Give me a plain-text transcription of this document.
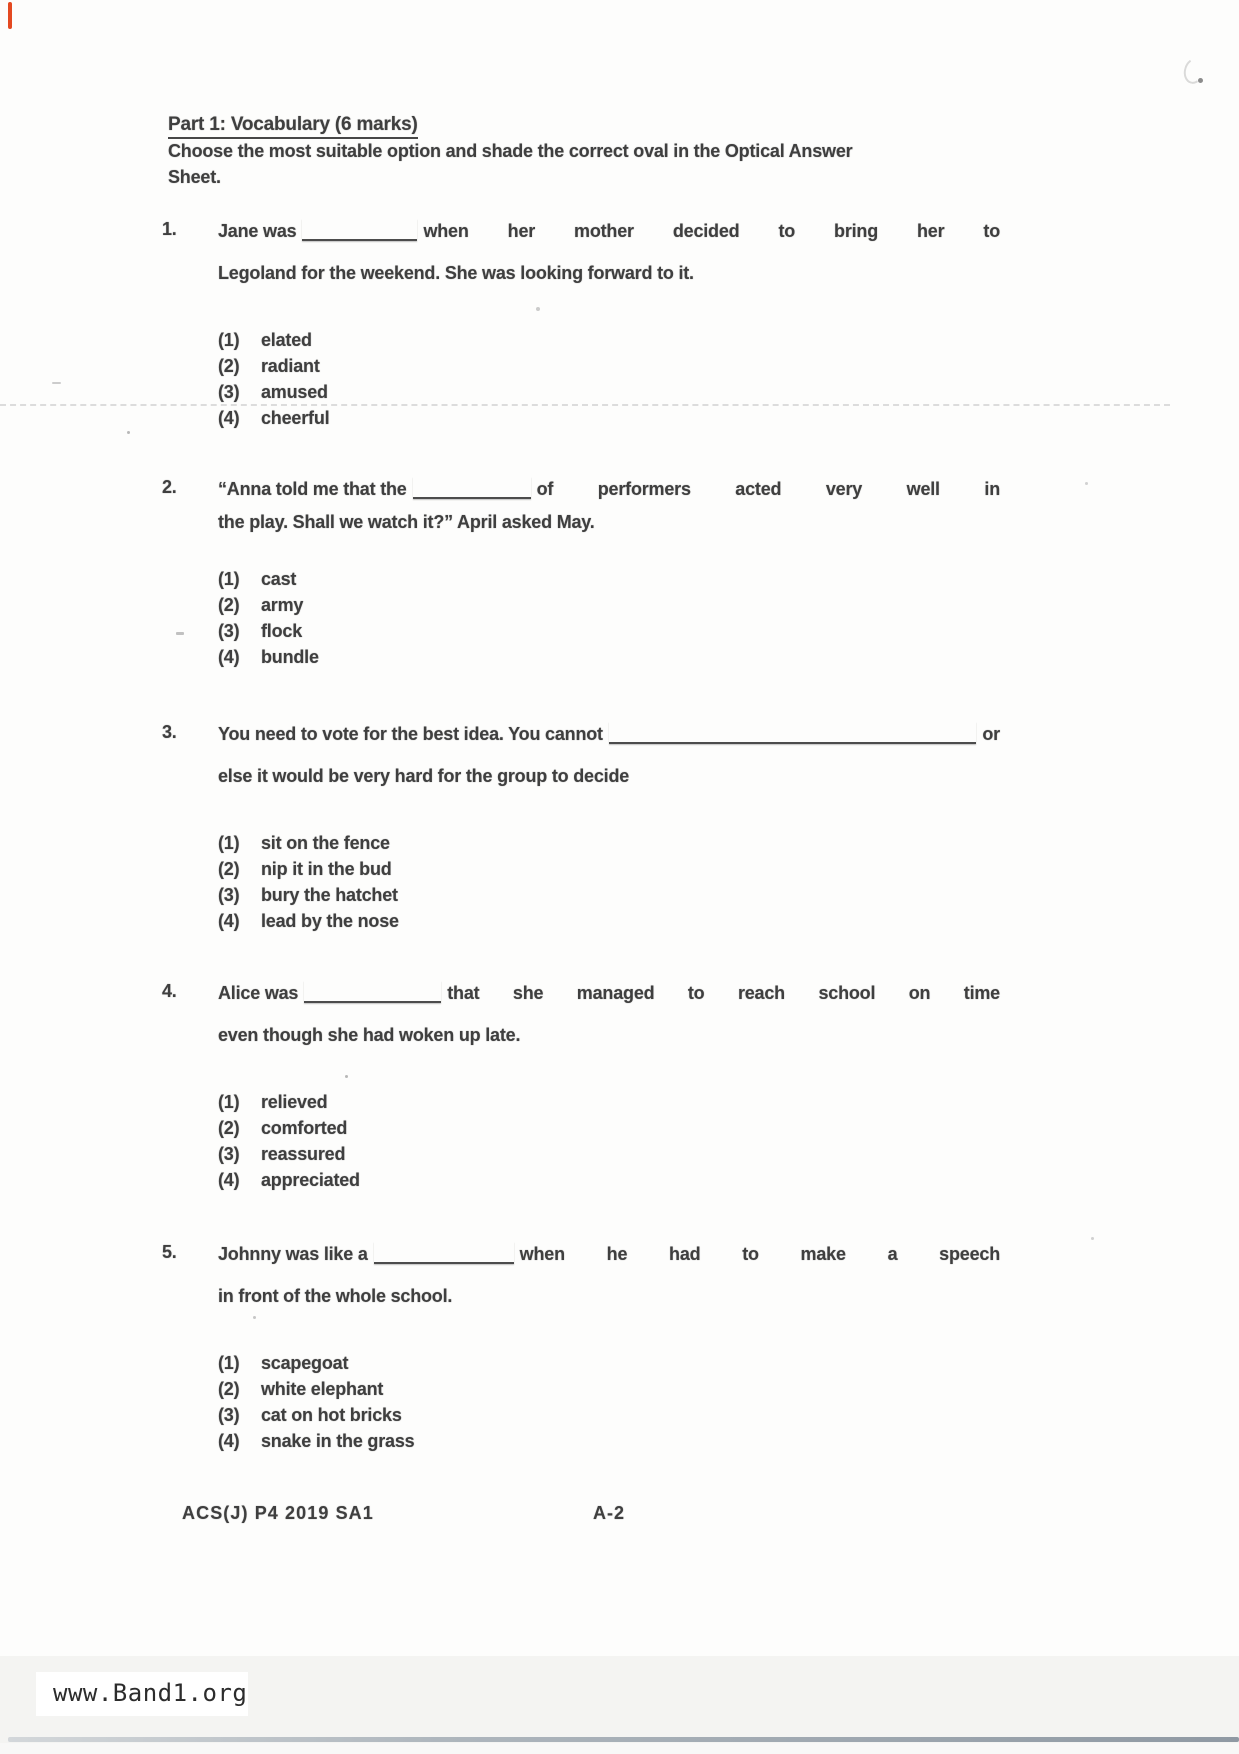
Part 1: Vocabulary (6 marks)
Choose the most suitable option and shade the correct oval in the Optical Answer
Sheet.
1.	Jane was	when her mother decided to bring her to
Legoland for the weekend. She was looking forward to it.
(1)	elated
(2)	radiant
(3)	amused
(4)	cheerful
2.	“Anna told me that the	of performers acted very well in
the play. Shall we watch it?” April asked May.
(1)	cast
(2)	army
(3)	flock
(4)	bundle
3.	You need to vote for the best idea. You cannot	or
else it would be very hard for the group to decide
(1)	sit on the fence
(2)	nip it in the bud
(3)	bury the hatchet
(4)	lead by the nose
4.	Alice was	that she managed to reach school on time
even though she had woken up late.
(1)	relieved
(2)	comforted
(3)	reassured
(4)	appreciated
5.	Johnny was like a	when he had to make a speech
in front of the whole school.
(1)	scapegoat
(2)	white elephant
(3)	cat on hot bricks
(4)	snake in the grass
ACS(J) P4 2019 SA1	A-2
www.Band1.org
